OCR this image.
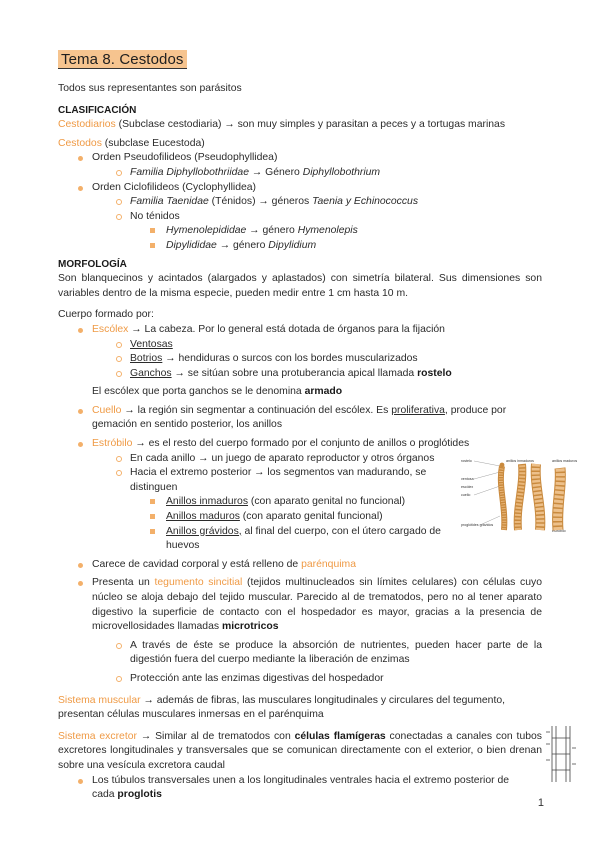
Tema 8. Cestodos

Todos sus representantes son parásitos

CLASIFICACIÓN

Cestodiarios (Subclase cestodiaria) → son muy simples y parasitan a peces y a tortugas marinas

Cestodos (subclase Eucestoda)

Orden Pseudofilideos (Pseudophyllidea)
Familia Diphyllobothriidae → Género Diphyllobothrium
Orden Ciclofilideos (Cyclophyllidea)
Familia Taenidae (Ténidos) → géneros Taenia y Echinococcus
No ténidos
Hymenolepididae → género Hymenolepis
Dipylididae → género Dipylidium

MORFOLOGÍA

Son blanquecinos y acintados (alargados y aplastados) con simetría bilateral. Sus dimensiones son variables dentro de la misma especie, pueden medir entre 1 cm hasta 10 m.

Cuerpo formado por:

Escólex → La cabeza. Por lo general está dotada de órganos para la fijación
Ventosas
Botrios → hendiduras o surcos con los bordes muscularizados
Ganchos → se sitúan sobre una protuberancia apical llamada rostelo

El escólex que porta ganchos se le denomina armado

Cuello → la región sin segmentar a continuación del escólex. Es proliferativa, produce por gemación en sentido posterior, los anillos
Estróbilo → es el resto del cuerpo formado por el conjunto de anillos o proglótides
En cada anillo → un juego de aparato reproductor y otros órganos
Hacia el extremo posterior → los segmentos van madurando, se distinguen
Anillos inmaduros (con aparato genital no funcional)
Anillos maduros (con aparato genital funcional)
Anillos grávidos, al final del cuerpo, con el útero cargado de huevos
Carece de cavidad corporal y está relleno de parénquima
Presenta un tegumento sincitial (tejidos multinucleados sin límites celulares) con células cuyo núcleo se aloja debajo del tejido muscular. Parecido al de trematodos, pero no al tener aparato digestivo la superficie de contacto con el hospedador es mayor, gracias a la presencia de microvellosidades llamadas microtricos
A través de éste se produce la absorción de nutrientes, pueden hacer parte de la digestión fuera del cuerpo mediante la liberación de enzimas
Protección ante las enzimas digestivas del hospedador

Sistema muscular → además de fibras, las musculares longitudinales y circulares del tegumento, presentan células musculares inmersas en el parénquima

Sistema excretor → Similar al de trematodos con células flamígeras conectadas a canales con tubos excretores longitudinales y transversales que se comunican directamente con el exterior, o bien drenan sobre una vesícula excretora caudal

Los túbulos transversales unen a los longitudinales ventrales hacia el extremo posterior de cada proglotis
rostelo
ventosa
escólex
cuello
proglótides grávidos
anillos inmaduros	anillos maduros
estróbilo
1
